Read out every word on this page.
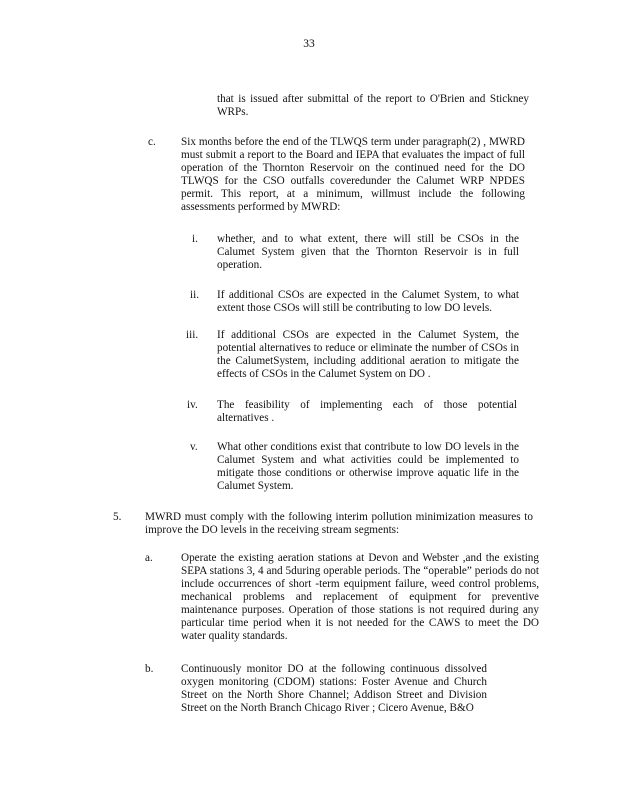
33
that is issued after submittal of the report to O'Brien and Stickney WRPs.
c. Six months before the end of the TLWQS term under paragraph(2) , MWRD must submit a report to the Board and IEPA that evaluates the impact of full operation of the Thornton Reservoir on the continued need for the DO TLWQS for the CSO outfalls coveredunder the Calumet WRP NPDES permit. This report, at a minimum, willmust include the following assessments performed by MWRD:
i. whether, and to what extent, there will still be CSOs in the Calumet System given that the Thornton Reservoir is in full operation.
ii. If additional CSOs are expected in the Calumet System, to what extent those CSOs will still be contributing to low DO levels.
iii. If additional CSOs are expected in the Calumet System, the potential alternatives to reduce or eliminate the number of CSOs in the CalumetSystem, including additional aeration to mitigate the effects of CSOs in the Calumet System on DO .
iv. The feasibility of implementing each of those potential alternatives .
v. What other conditions exist that contribute to low DO levels in the Calumet System and what activities could be implemented to mitigate those conditions or otherwise improve aquatic life in the Calumet System.
5. MWRD must comply with the following interim pollution minimization measures to improve the DO levels in the receiving stream segments:
a.	Operate the existing aeration stations at Devon and Webster ,and the existing SEPA stations 3, 4 and 5during operable periods. The “operable” periods do not include occurrences of short -term equipment failure, weed control problems, mechanical problems and replacement of equipment for preventive maintenance purposes. Operation of those stations is not required during any particular time period when it is not needed for the CAWS to meet the DO water quality standards.
b. Continuously monitor DO at the following continuous dissolved oxygen monitoring (CDOM) stations: Foster Avenue and Church Street on the North Shore Channel; Addison Street and Division Street on the North Branch Chicago River ; Cicero Avenue, B&O
